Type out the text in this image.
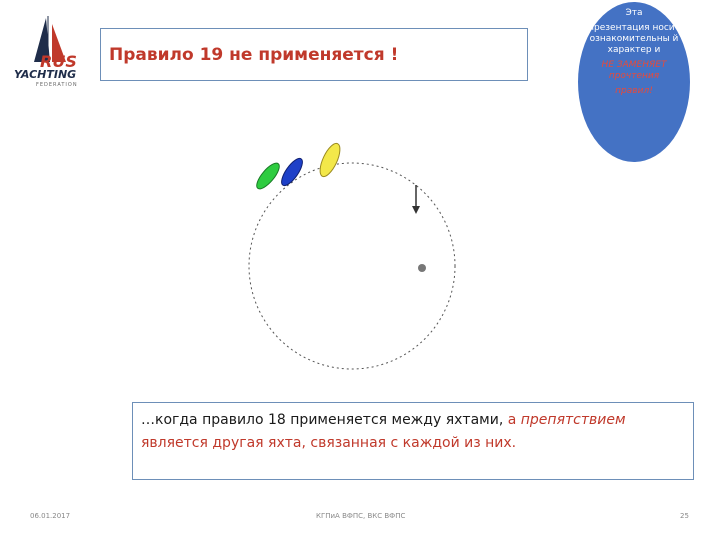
RUS
YACHTING
FEDERATION
Правило 19 не применяется !
Эта
презентация носит ознакомительны й характер и
НЕ ЗАМЕНЯЕТ прочтения
правил!
…когда правило 18 применяется между яхтами, а препятствием является другая яхта, связанная с каждой из них.
06.01.2017	КГПиА ВФПС, ВКС ВФПС	25
